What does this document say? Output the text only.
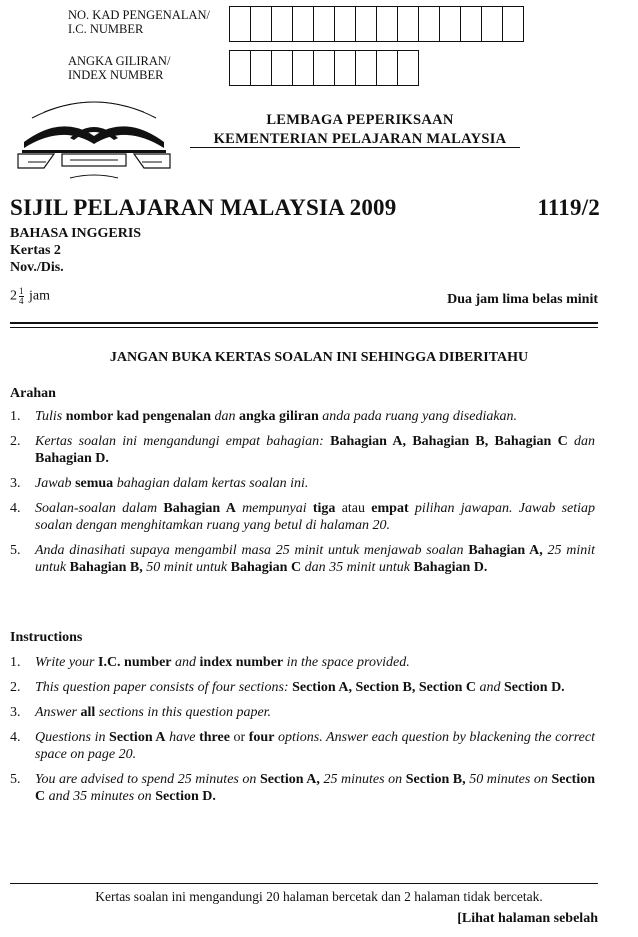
NO. KAD PENGENALAN/
I.C. NUMBER
ANGKA GILIRAN/
INDEX NUMBER
LEMBAGA PEPERIKSAAN
KEMENTERIAN PELAJARAN MALAYSIA
SIJIL PELAJARAN MALAYSIA 2009	1119/2
BAHASA INGGERIS
Kertas 2
Nov./Dis.
$2 \frac{1}{4}$ jam	Dua jam lima belas minit
JANGAN BUKA KERTAS SOALAN INI SEHINGGA DIBERITAHU
Arahan
1.	Tulis nombor kad pengenalan dan angka giliran anda pada ruang yang disediakan.
2.	Kertas soalan ini mengandungi empat bahagian: Bahagian A, Bahagian B, Bahagian C dan Bahagian D.
3.	Jawab semua bahagian dalam kertas soalan ini.
4.	Soalan-soalan dalam Bahagian A mempunyai tiga atau empat pilihan jawapan. Jawab setiap soalan dengan menghitamkan ruang yang betul di halaman 20.
5.	Anda dinasihati supaya mengambil masa 25 minit untuk menjawab soalan Bahagian A, 25 minit untuk Bahagian B, 50 minit untuk Bahagian C dan 35 minit untuk Bahagian D.
Instructions
1.	Write your I.C. number and index number in the space provided.
2.	This question paper consists of four sections: Section A, Section B, Section C and Section D.
3.	Answer all sections in this question paper.
4.	Questions in Section A have three or four options. Answer each question by blackening the correct space on page 20.
5.	You are advised to spend 25 minutes on Section A, 25 minutes on Section B, 50 minutes on Section C and 35 minutes on Section D.
Kertas soalan ini mengandungi 20 halaman bercetak dan 2 halaman tidak bercetak.
[Lihat halaman sebelah
